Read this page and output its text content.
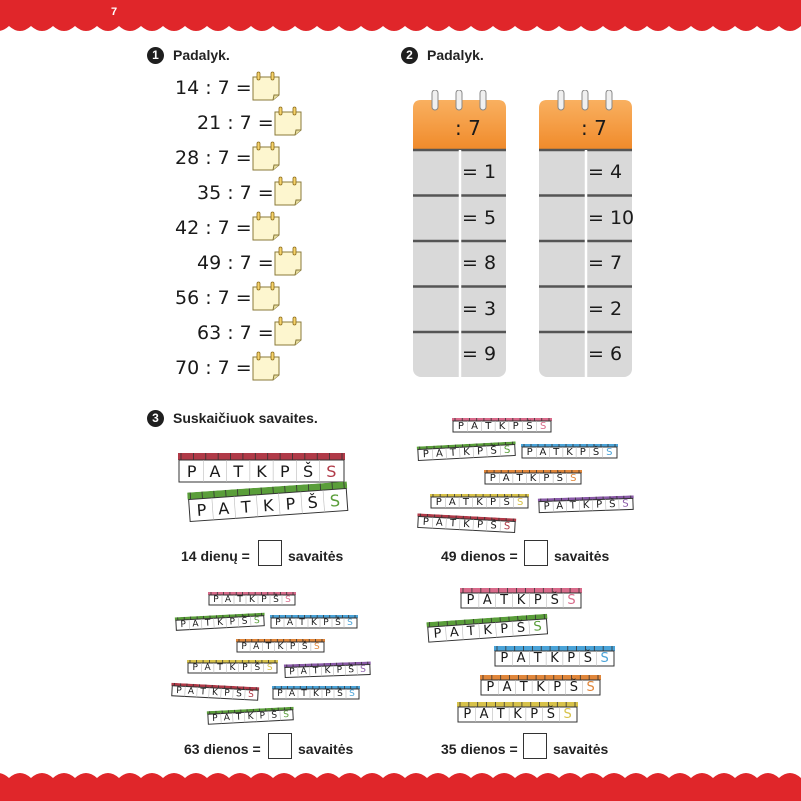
7
1	Padalyk.
14 : 7 =
21 : 7 =
28 : 7 =
35 : 7 =
42 : 7 =
49 : 7 =
56 : 7 =
63 : 7 =
70 : 7 =
2	Padalyk.
: 7
= 1
= 5
= 8
= 3
= 9
: 7
= 4
= 10
= 7
= 2
= 6
3	Suskaičiuok savaites.
P A T K P Š S
P A T K P Š S
14 dienų =	savaitės
P A T K P Š S
P A T K P Š S	P A T K P Š S
P A T K P Š S
P A T K P Š S	P A T K P Š S
P A T K P Š S
49 dienos =	savaitės
P A T K P Š S
P A T K P Š S	P A T K P Š S
P A T K P Š S
P A T K P Š S	P A T K P Š S
P A T K P Š S	P A T K P Š S
P A T K P Š S
63 dienos =	savaitės
P A T K P Š S
P A T K P Š S
P A T K P Š S
P A T K P Š S
P A T K P Š S
35 dienos =	savaitės
